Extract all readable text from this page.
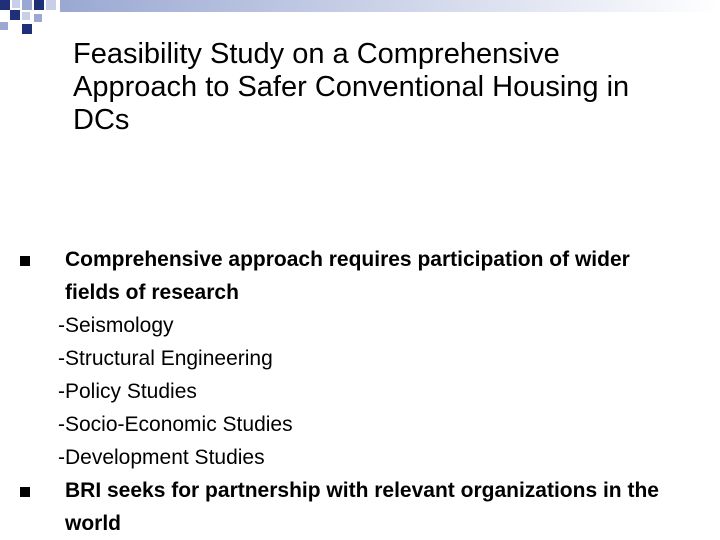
Feasibility Study on a Comprehensive Approach to Safer Conventional Housing in DCs
Comprehensive approach requires participation of wider fields of research
-Seismology
-Structural Engineering
-Policy Studies
-Socio-Economic Studies
-Development Studies
BRI seeks for partnership with relevant organizations in the world
